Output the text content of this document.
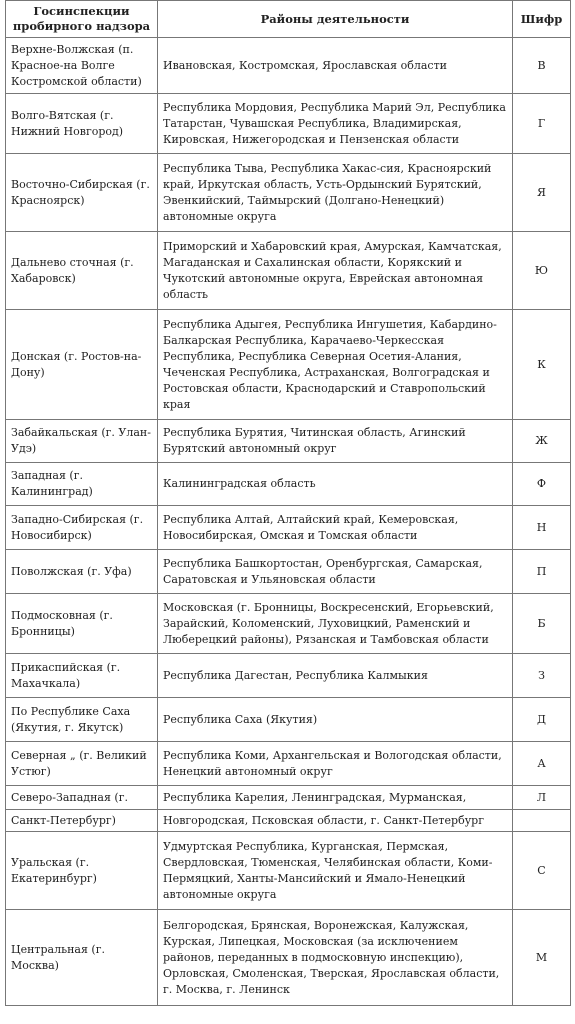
Госинспекции пробирного надзора	Районы деятельности	Шифр
Верхне-Волжская (п. Красное-на Волге Костромской области)	Ивановская, Костромская, Ярославская области	В
Волго-Вятская (г. Нижний Новгород)	Республика Мордовия, Республика Марий Эл, Республика Татарстан, Чувашская Республика, Владимирская, Кировская, Нижегородская и Пензенская области	Г
Восточно-Сибирская (г. Красноярск)	Республика Тыва, Республика Хакас-сия, Красноярский край, Иркутская область, Усть-Ордынский Бурятский, Эвенкийский, Таймырский (Долгано-Ненецкий) автономные округа	Я
Дальнево сточная (г. Хабаровск)	Приморский и Хабаровский края, Амурская, Камчатская, Магаданская и Сахалинская области, Корякский и Чукотский автономные округа, Еврейская автономная область	Ю
Донская (г. Ростов-на-Дону)	Республика Адыгея, Республика Ингушетия, Кабардино-Балкарская Республика, Карачаево-Черкесская Республика, Республика Северная Осетия-Алания, Чеченская Республика, Астраханская, Волгоградская и Ростовская области, Краснодарский и Ставропольский края	К
Забайкальская (г. Улан-Удэ)	Республика Бурятия, Читинская область, Агинский Бурятский автономный округ	Ж
Западная (г. Калининград)	Калининградская область	Ф
Западно-Сибирская (г. Новосибирск)	Республика Алтай, Алтайский край, Кемеровская, Новосибирская, Омская и Томская области	Н
Поволжская (г. Уфа)	Республика Башкортостан, Оренбургская, Самарская, Саратовская и Ульяновская области	П
Подмосковная (г. Бронницы)	Московская (г. Бронницы, Воскресенский, Егорьевский, Зарайский, Коломенский, Луховицкий, Раменский и Люберецкий районы), Рязанская и Тамбовская области	Б
Прикаспийская (г. Махачкала)	Республика Дагестан, Республика Калмыкия	З
По Республике Саха (Якутия, г. Якутск)	Республика Саха (Якутия)	Д
Северная „ (г. Великий Устюг)	Республика Коми, Архангельская и Вологодская области, Ненецкий автономный округ	А
Северо-Западная (г.	Республика Карелия, Ленинградская, Мурманская,	Л
Санкт-Петербург)	Новгородская, Псковская области, г. Санкт-Петербург	
Уральская (г. Екатеринбург)	Удмуртская Республика, Курганская, Пермская, Свердловская, Тюменская, Челябинская области, Коми-Пермяцкий, Ханты-Мансийский и Ямало-Ненецкий автономные округа	С
Центральная (г. Москва)	Белгородская, Брянская, Воронежская, Калужская, Курская, Липецкая, Московская (за исключением районов, переданных в подмосковную инспекцию), Орловская, Смоленская, Тверская, Ярославская области, г. Москва, г. Ленинск	М
